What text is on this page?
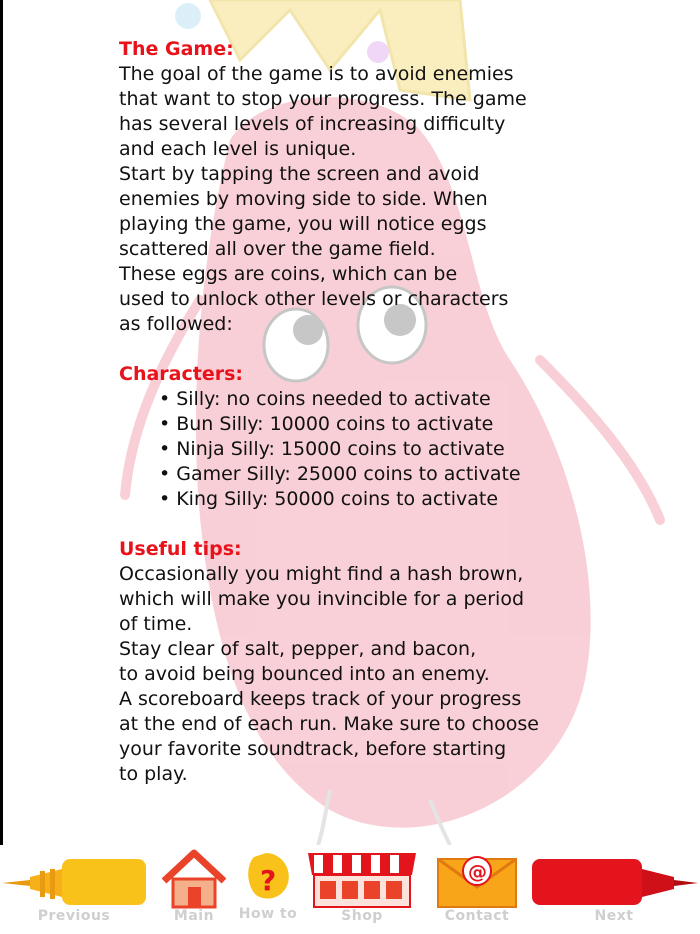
The Game:
The goal of the game is to avoid enemies
that want to stop your progress. The game
has several levels of increasing difficulty
and each level is unique.
Start by tapping the screen and avoid
enemies by moving side to side. When
playing the game, you will notice eggs
scattered all over the game field.
These eggs are coins, which can be
used to unlock other levels or characters
as followed:
Characters:
• Silly: no coins needed to activate
• Bun Silly: 10000 coins to activate
• Ninja Silly: 15000 coins to activate
• Gamer Silly: 25000 coins to activate
• King Silly: 50000 coins to activate
Useful tips:
Occasionally you might find a hash brown,
which will make you invincible for a period
of time.
Stay clear of salt, pepper, and bacon,
to avoid being bounced into an enemy.
A scoreboard keeps track of your progress
at the end of each run. Make sure to choose
your favorite soundtrack, before starting
to play.
Previous	Main
?
How to	Shop
@
Contact	Next
